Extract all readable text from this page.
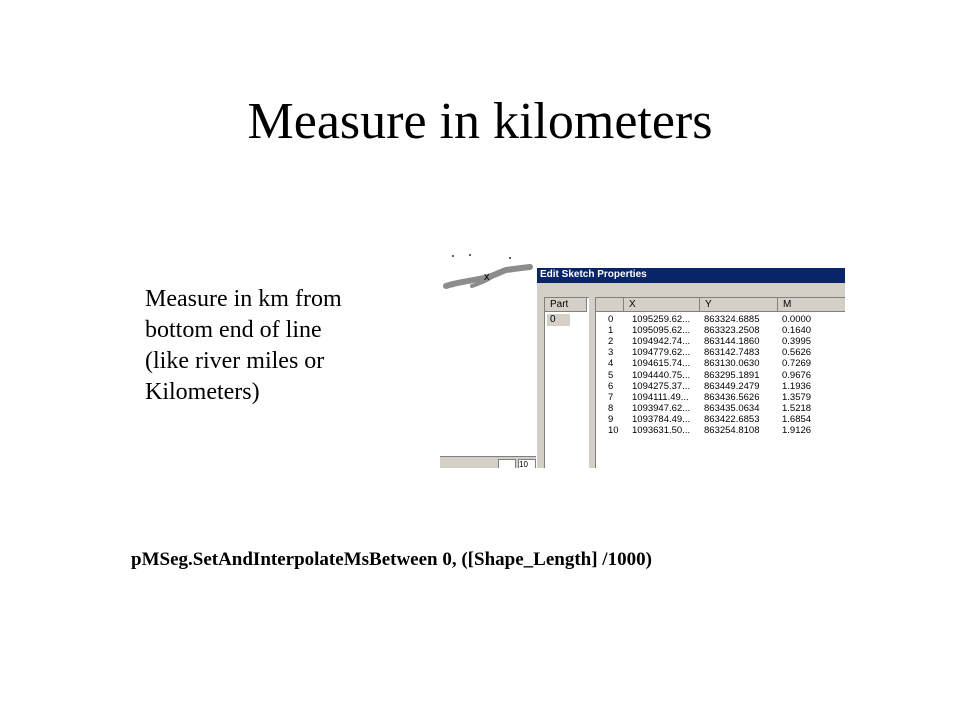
Measure in kilometers
Measure in km from
bottom end of line
(like river miles or
Kilometers)
x
10
Edit Sketch Properties
Part
0
X	Y	M
0 1095259.62... 863324.6885 0.0000
1 1095095.62... 863323.2508 0.1640
2 1094942.74... 863144.1860 0.3995
3 1094779.62... 863142.7483 0.5626
4 1094615.74... 863130.0630 0.7269
5 1094440.75... 863295.1891 0.9676
6 1094275.37... 863449.2479 1.1936
7 1094111.49... 863436.5626 1.3579
8 1093947.62... 863435.0634 1.5218
9 1093784.49... 863422.6853 1.6854
10 1093631.50... 863254.8108 1.9126
pMSeg.SetAndInterpolateMsBetween 0, ([Shape_Length] /1000)
